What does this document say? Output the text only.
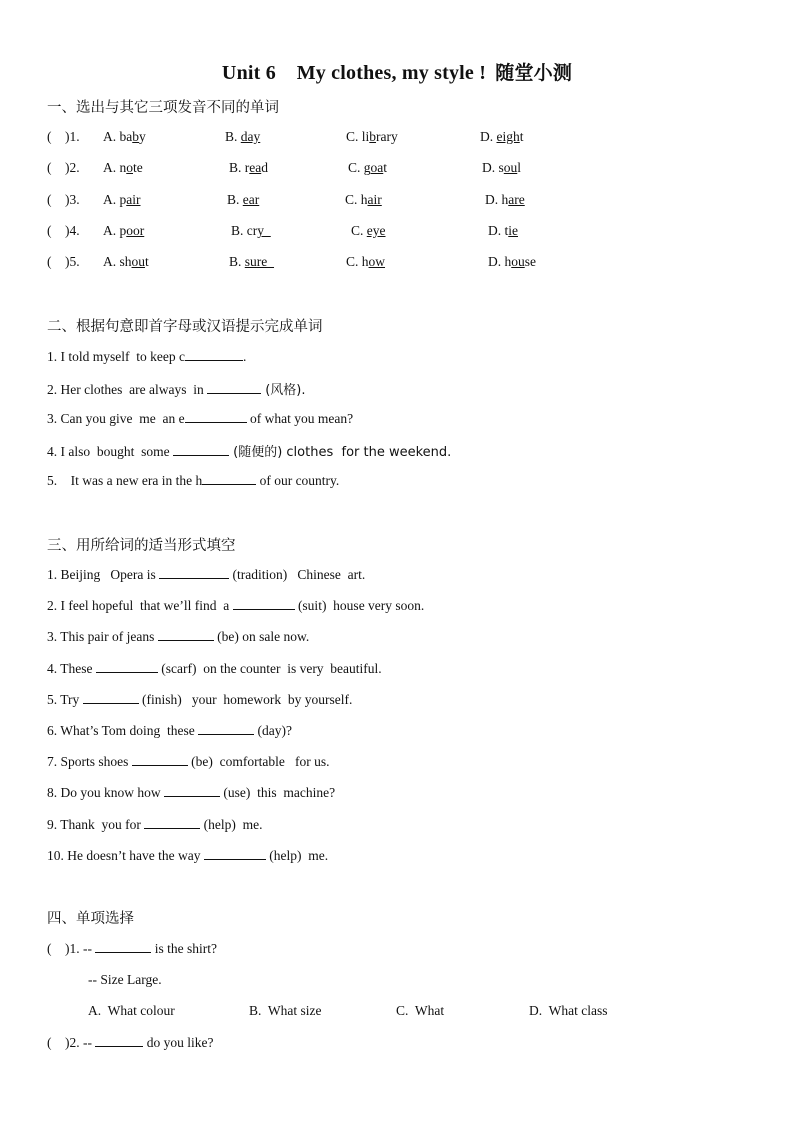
Unit 6    My clothes, my style ! 随堂小测
一、选出与其它三项发音不同的单词
(    )1. A. baby	B. day	C. library	D. eight
(    )2. A. note	B. read	C. goat	D. soul
(    )3. A. pair	B. ear	C. hair	D. hare
(    )4. A. poor	B. cry	C. eye	D. tie
(    )5. A. shout	B. sure	C. how	D. house
二、根据句意即首字母或汉语提示完成单词
1. I told myself  to keep c	.
2. Her clothes  are always  in	(风格).
3. Can you give  me  an e	of what you mean?
4. I also  bought  some	(随便的) clothes  for the weekend.
5.    It was a new era in the h	of our country.
三、用所给词的适当形式填空
1. Beijing   Opera is	(tradition)   Chinese  art.
2. I feel hopeful  that we’ll find  a	(suit)  house very soon.
3. This pair of jeans	(be) on sale now.
4. These	(scarf)  on the counter  is very  beautiful.
5. Try	(finish)   your  homework  by yourself.
6. What’s Tom doing  these	(day)?
7. Sports shoes	(be)  comfortable   for us.
8. Do you know how	(use)  this  machine?
9. Thank  you for	(help)  me.
10. He doesn’t have the way	(help)  me.
四、单项选择
(    )1. --	is the shirt?
-- Size Large.
A.  What colour	B.  What size	C.  What	D.  What class
(    )2. --	do you like?
